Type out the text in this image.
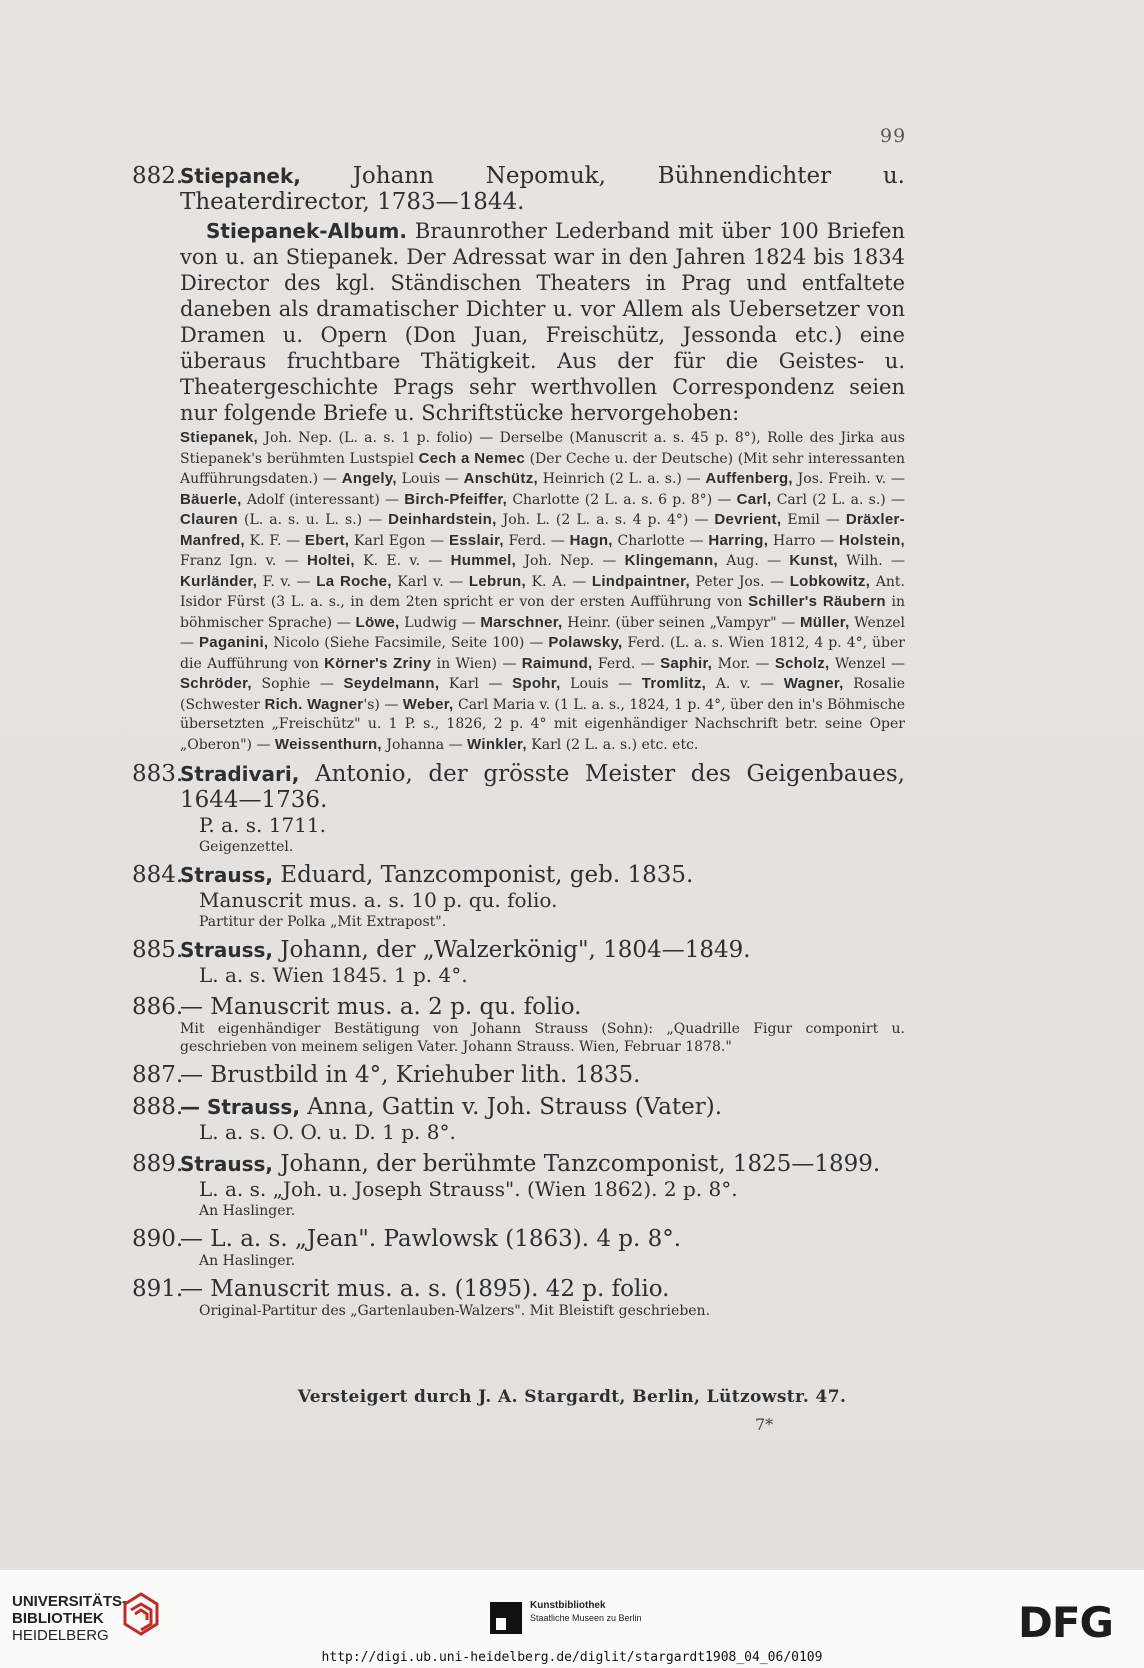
99

882.
Stiepanek, Johann Nepomuk, Bühnendichter u. Theaterdirector, 1783—1844.

Stiepanek-Album. Braunrother Lederband mit über 100 Briefen von u. an Stiepanek. Der Adressat war in den Jahren 1824 bis 1834 Director des kgl. Ständischen Theaters in Prag und entfaltete daneben als dramatischer Dichter u. vor Allem als Uebersetzer von Dramen u. Opern (Don Juan, Freischütz, Jessonda etc.) eine überaus fruchtbare Thätigkeit. Aus der für die Geistes- u. Theatergeschichte Prags sehr werthvollen Correspondenz seien nur folgende Briefe u. Schriftstücke hervorgehoben:

Stiepanek, Joh. Nep. (L. a. s. 1 p. folio) — Derselbe (Manuscrit a. s. 45 p. 8°), Rolle des Jirka aus Stiepanek's berühmten Lustspiel Cech a Nemec (Der Ceche u. der Deutsche) (Mit sehr interessanten Aufführungsdaten.) — Angely, Louis — Anschütz, Heinrich (2 L. a. s.) — Auffenberg, Jos. Freih. v. — Bäuerle, Adolf (interessant) — Birch-Pfeiffer, Charlotte (2 L. a. s. 6 p. 8°) — Carl, Carl (2 L. a. s.) — Clauren (L. a. s. u. L. s.) — Deinhardstein, Joh. L. (2 L. a. s. 4 p. 4°) — Devrient, Emil — Dräxler-Manfred, K. F. — Ebert, Karl Egon — Esslair, Ferd. — Hagn, Charlotte — Harring, Harro — Holstein, Franz Ign. v. — Holtei, K. E. v. — Hummel, Joh. Nep. — Klingemann, Aug. — Kunst, Wilh. — Kurländer, F. v. — La Roche, Karl v. — Lebrun, K. A. — Lindpaintner, Peter Jos. — Lobkowitz, Ant. Isidor Fürst (3 L. a. s., in dem 2ten spricht er von der ersten Aufführung von Schiller's Räubern in böhmischer Sprache) — Löwe, Ludwig — Marschner, Heinr. (über seinen „Vampyr" — Müller, Wenzel — Paganini, Nicolo (Siehe Facsimile, Seite 100) — Polawsky, Ferd. (L. a. s. Wien 1812, 4 p. 4°, über die Aufführung von Körner's Zriny in Wien) — Raimund, Ferd. — Saphir, Mor. — Scholz, Wenzel — Schröder, Sophie — Seydelmann, Karl — Spohr, Louis — Tromlitz, A. v. — Wagner, Rosalie (Schwester Rich. Wagner's) — Weber, Carl Maria v. (1 L. a. s., 1824, 1 p. 4°, über den in's Böhmische übersetzten „Freischütz" u. 1 P. s., 1826, 2 p. 4° mit eigenhändiger Nachschrift betr. seine Oper „Oberon") — Weissenthurn, Johanna — Winkler, Karl (2 L. a. s.) etc. etc.

883.
Stradivari, Antonio, der grösste Meister des Geigenbaues, 1644—1736.

P. a. s. 1711.

Geigenzettel.

884.
Strauss, Eduard, Tanzcomponist, geb. 1835.

Manuscrit mus. a. s. 10 p. qu. folio.

Partitur der Polka „Mit Extrapost".

885.
Strauss, Johann, der „Walzerkönig", 1804—1849.

L. a. s. Wien 1845. 1 p. 4°.

886.
— Manuscrit mus. a. 2 p. qu. folio.

Mit eigenhändiger Bestätigung von Johann Strauss (Sohn): „Quadrille Figur componirt u. geschrieben von meinem seligen Vater. Johann Strauss. Wien, Februar 1878."

887.
— Brustbild in 4°, Kriehuber lith. 1835.

888.
— Strauss, Anna, Gattin v. Joh. Strauss (Vater).

L. a. s. O. O. u. D. 1 p. 8°.

889.
Strauss, Johann, der berühmte Tanzcomponist, 1825—1899.

L. a. s. „Joh. u. Joseph Strauss". (Wien 1862). 2 p. 8°.

An Haslinger.

890.
— L. a. s. „Jean". Pawlowsk (1863). 4 p. 8°.

An Haslinger.

891.
— Manuscrit mus. a. s. (1895). 42 p. folio.

Original-Partitur des „Gartenlauben-Walzers". Mit Bleistift geschrieben.

Versteigert durch J. A. Stargardt, Berlin, Lützowstr. 47.
7*
UNIVERSITÄTS-
BIBLIOTHEK
HEIDELBERG
Kunstbibliothek
Staatliche Museen zu Berlin	DFG
http://digi.ub.uni-heidelberg.de/diglit/stargardt1908_04_06/0109
